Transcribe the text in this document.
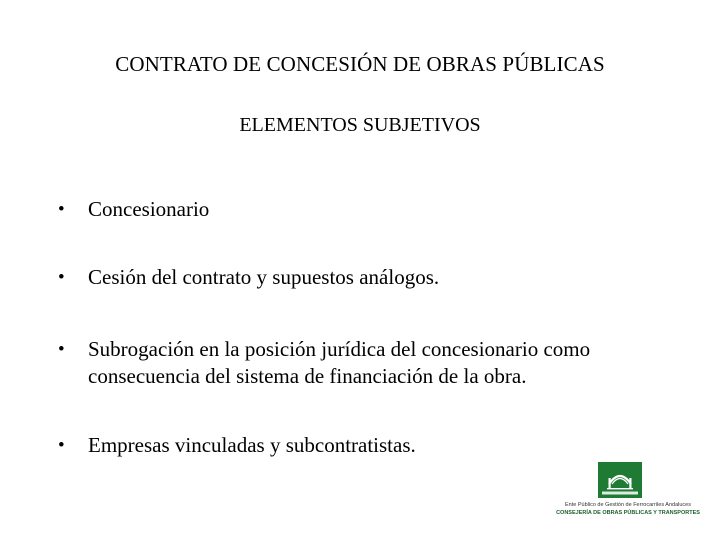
CONTRATO DE CONCESIÓN DE OBRAS PÚBLICAS
ELEMENTOS SUBJETIVOS
• Concesionario
• Cesión del contrato y supuestos análogos.
• Subrogación en la posición jurídica del concesionario como consecuencia del sistema de financiación de la obra.
• Empresas vinculadas y subcontratistas.
Ente Público de Gestión de Ferrocarriles Andaluces
CONSEJERÍA DE OBRAS PÚBLICAS Y TRANSPORTES
